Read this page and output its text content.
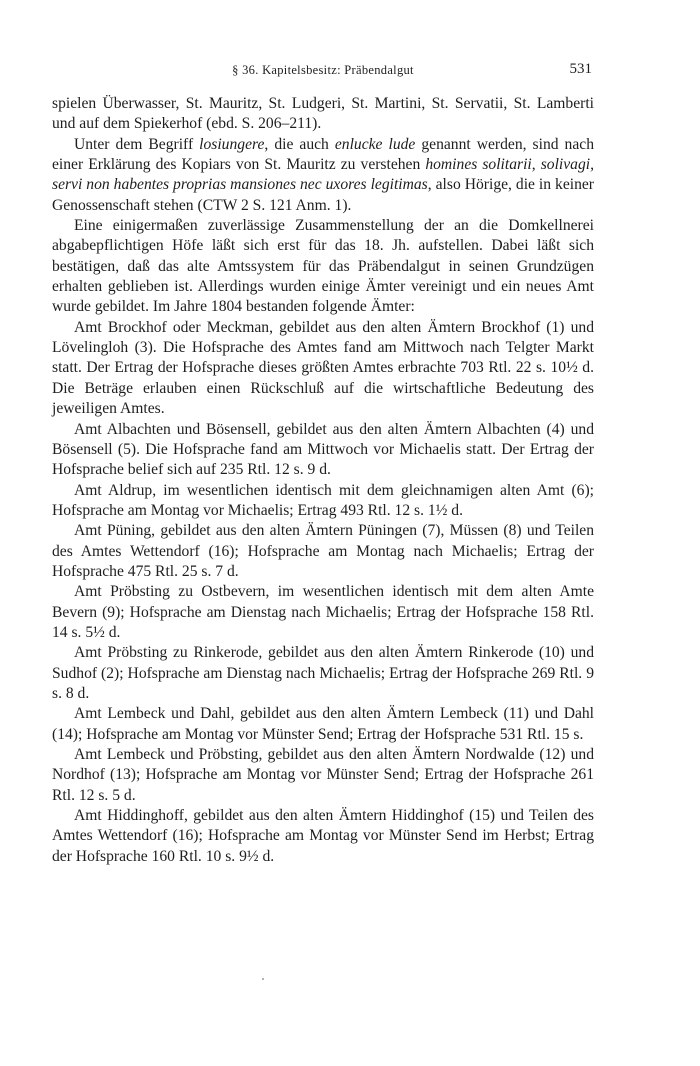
§ 36. Kapitelsbesitz: Präbendalgut	531

spielen Überwasser, St. Mauritz, St. Ludgeri, St. Martini, St. Servatii, St. Lamberti und auf dem Spiekerhof (ebd. S. 206–211).

Unter dem Begriff losiungere, die auch enlucke lude genannt werden, sind nach einer Erklärung des Kopiars von St. Mauritz zu verstehen homines solitarii, solivagi, servi non habentes proprias mansiones nec uxores legitimas, also Hörige, die in keiner Genossenschaft stehen (CTW 2 S. 121 Anm. 1).

Eine einigermaßen zuverlässige Zusammenstellung der an die Domkellnerei abgabepflichtigen Höfe läßt sich erst für das 18. Jh. aufstellen. Dabei läßt sich bestätigen, daß das alte Amtssystem für das Präbendalgut in seinen Grundzügen erhalten geblieben ist. Allerdings wurden einige Ämter vereinigt und ein neues Amt wurde gebildet. Im Jahre 1804 bestanden folgende Ämter:

Amt Brockhof oder Meckman, gebildet aus den alten Ämtern Brockhof (1) und Lövelingloh (3). Die Hofsprache des Amtes fand am Mittwoch nach Telgter Markt statt. Der Ertrag der Hofsprache dieses größten Amtes erbrachte 703 Rtl. 22 s. 10½ d. Die Beträge erlauben einen Rückschluß auf die wirtschaftliche Bedeutung des jeweiligen Amtes.

Amt Albachten und Bösensell, gebildet aus den alten Ämtern Albachten (4) und Bösensell (5). Die Hofsprache fand am Mittwoch vor Michaelis statt. Der Ertrag der Hofsprache belief sich auf 235 Rtl. 12 s. 9 d.

Amt Aldrup, im wesentlichen identisch mit dem gleichnamigen alten Amt (6); Hofsprache am Montag vor Michaelis; Ertrag 493 Rtl. 12 s. 1½ d.

Amt Püning, gebildet aus den alten Ämtern Püningen (7), Müssen (8) und Teilen des Amtes Wettendorf (16); Hofsprache am Montag nach Michaelis; Ertrag der Hofsprache 475 Rtl. 25 s. 7 d.

Amt Pröbsting zu Ostbevern, im wesentlichen identisch mit dem alten Amte Bevern (9); Hofsprache am Dienstag nach Michaelis; Ertrag der Hofsprache 158 Rtl. 14 s. 5½ d.

Amt Pröbsting zu Rinkerode, gebildet aus den alten Ämtern Rinkerode (10) und Sudhof (2); Hofsprache am Dienstag nach Michaelis; Ertrag der Hofsprache 269 Rtl. 9 s. 8 d.

Amt Lembeck und Dahl, gebildet aus den alten Ämtern Lembeck (11) und Dahl (14); Hofsprache am Montag vor Münster Send; Ertrag der Hofsprache 531 Rtl. 15 s.

Amt Lembeck und Pröbsting, gebildet aus den alten Ämtern Nordwalde (12) und Nordhof (13); Hofsprache am Montag vor Münster Send; Ertrag der Hofsprache 261 Rtl. 12 s. 5 d.

Amt Hiddinghoff, gebildet aus den alten Ämtern Hiddinghof (15) und Teilen des Amtes Wettendorf (16); Hofsprache am Montag vor Münster Send im Herbst; Ertrag der Hofsprache 160 Rtl. 10 s. 9½ d.
